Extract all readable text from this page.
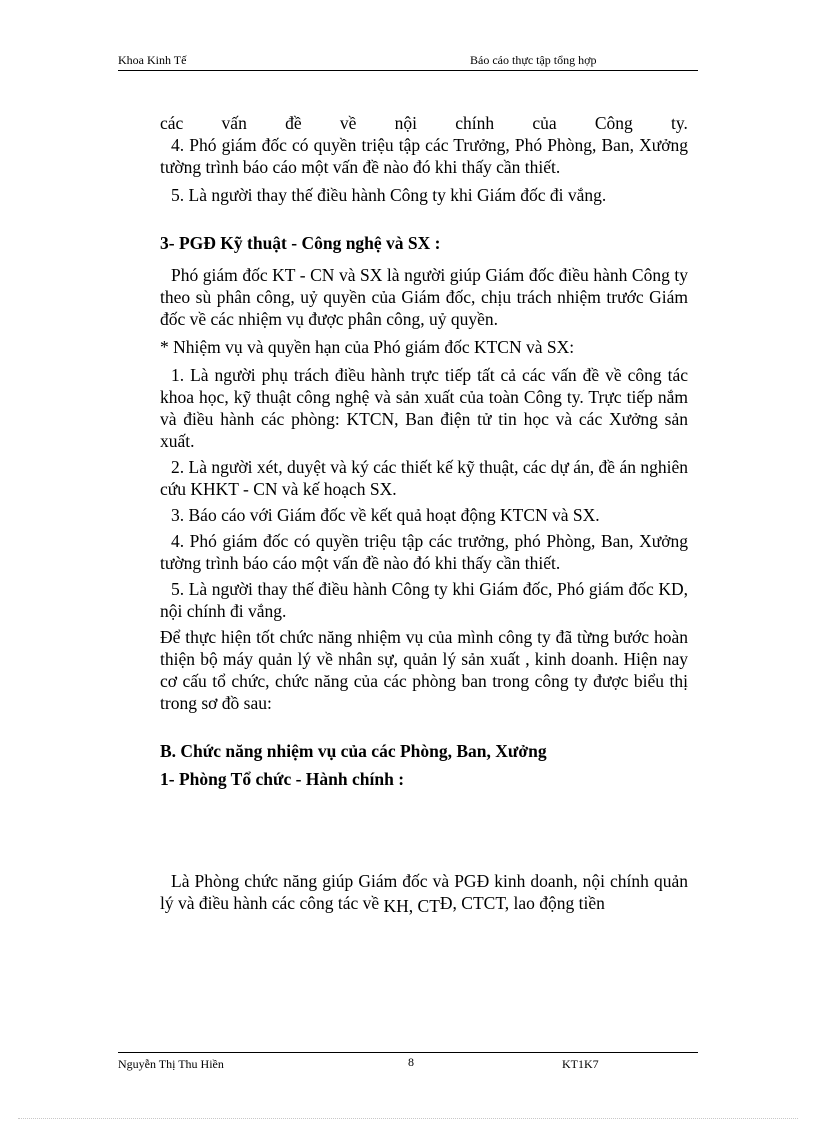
Khoa Kinh Tế	Báo cáo thực tập tổng hợp
các vấn đề về nội chính của Công ty.

4. Phó giám đốc có quyền triệu tập các Trưởng, Phó Phòng, Ban, Xưởng tường trình báo cáo một vấn đề nào đó khi thấy cần thiết.

5. Là người thay thế điều hành Công ty khi Giám đốc đi vắng.

3- PGĐ Kỹ thuật - Công nghệ và SX :

Phó giám đốc KT - CN và SX là người giúp Giám đốc điều hành Công ty theo sù phân công, uỷ quyền của Giám đốc, chịu trách nhiệm trước Giám đốc về các nhiệm vụ được phân công, uỷ quyền.

* Nhiệm vụ và quyền hạn của Phó giám đốc KTCN và SX:

1. Là người phụ trách điều hành trực tiếp tất cả các vấn đề về công tác khoa học, kỹ thuật công nghệ và sản xuất của toàn Công ty. Trực tiếp nắm và điều hành các phòng: KTCN, Ban điện tử tin học và các Xưởng sản xuất.

2. Là người xét, duyệt và ký các thiết kế kỹ thuật, các dự án, đề án nghiên cứu KHKT - CN và kế hoạch SX.

3. Báo cáo với Giám đốc về kết quả hoạt động KTCN và SX.

4. Phó giám đốc có quyền triệu tập các trưởng, phó Phòng, Ban, Xưởng tường trình báo cáo một vấn đề nào đó khi thấy cần thiết.

5. Là người thay thế điều hành Công ty khi Giám đốc, Phó giám đốc KD, nội chính đi vắng.

Để thực hiện tốt chức năng nhiệm vụ của mình công ty đã từng bước hoàn thiện bộ máy quản lý về nhân sự, quản lý sản xuất , kinh doanh. Hiện nay cơ cấu tổ chức, chức năng của các phòng ban trong công ty được biểu thị trong sơ đồ sau:

B. Chức năng nhiệm vụ của các Phòng, Ban, Xưởng

1- Phòng Tổ chức - Hành chính :

Là Phòng chức năng giúp Giám đốc và PGĐ kinh doanh, nội chính quản lý và điều hành các công tác về KH, CTĐ, CTCT, lao động tiền

Nguyễn Thị Thu Hiền	8	KT1K7
